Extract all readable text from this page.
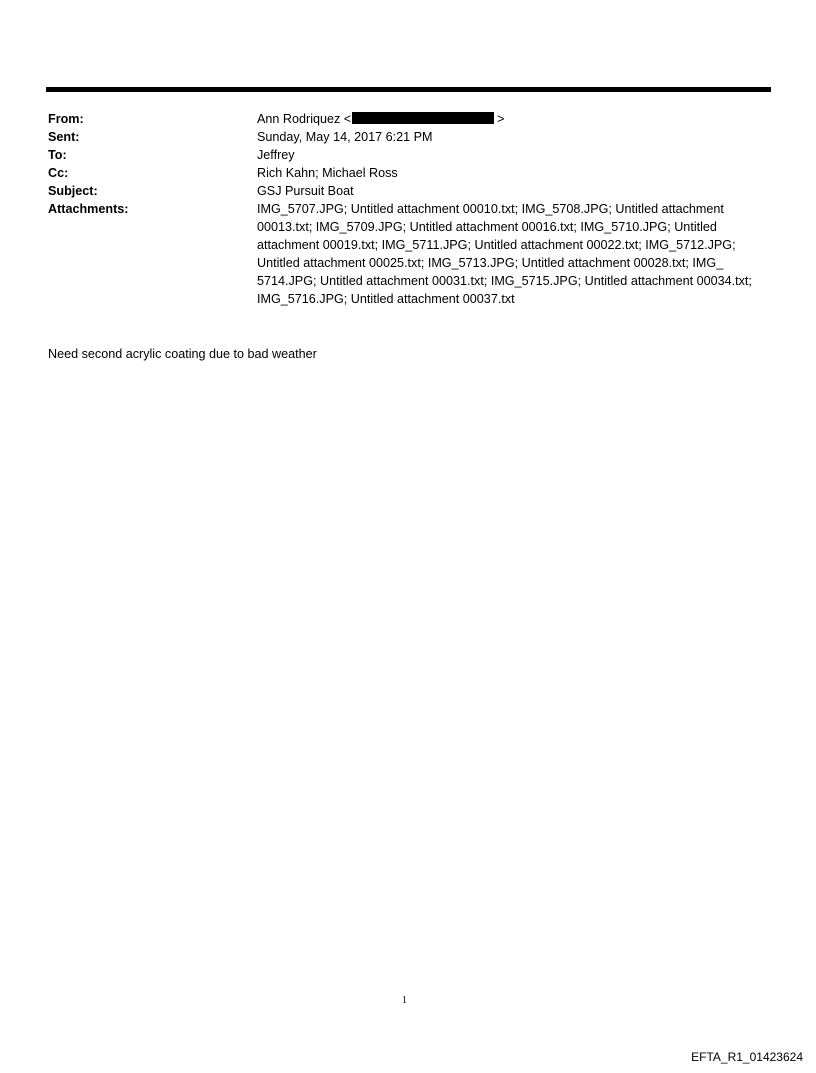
From:	Ann Rodriquez <	>
Sent:	Sunday, May 14, 2017 6:21 PM
To:	Jeffrey
Cc:	Rich Kahn; Michael Ross
Subject:	GSJ Pursuit Boat
Attachments:	IMG_5707.JPG; Untitled attachment 00010.txt; IMG_5708.JPG; Untitled attachment 00013.txt; IMG_5709.JPG; Untitled attachment 00016.txt; IMG_5710.JPG; Untitled attachment 00019.txt; IMG_5711.JPG; Untitled attachment 00022.txt; IMG_5712.JPG; Untitled attachment 00025.txt; IMG_5713.JPG; Untitled attachment 00028.txt; IMG_ 5714.JPG; Untitled attachment 00031.txt; IMG_5715.JPG; Untitled attachment 00034.txt; IMG_5716.JPG; Untitled attachment 00037.txt
Need second acrylic coating due to bad weather
1
EFTA_R1_01423624
